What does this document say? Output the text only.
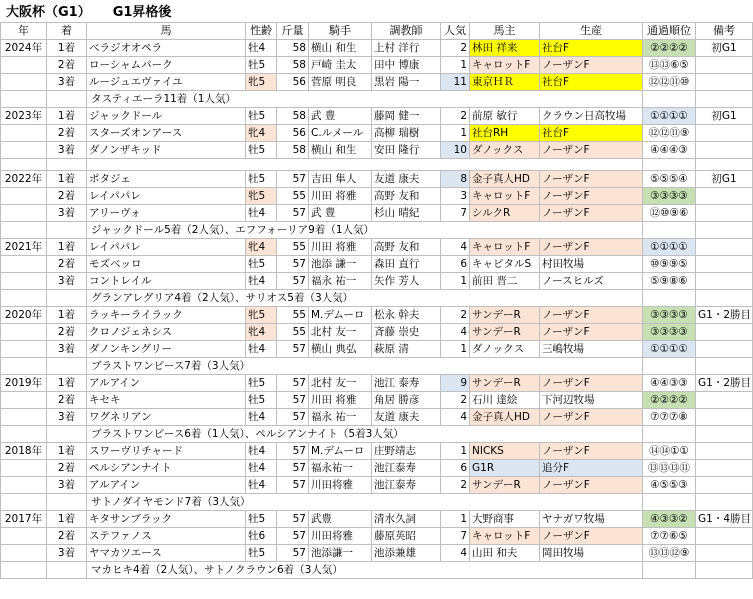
大阪杯（G1） G1昇格後
年	着	馬	性齢	斤量	騎手	調教師	人気	馬主	生産	通過順位	備考
2024年	1着	ベラジオオペラ	牡4	58	横山 和生	上村 洋行	2	林田 祥来	社台F	②②②②	初G1
	2着	ローシャムパーク	牡5	58	戸崎 圭太	田中 博康	1	キャロットF	ノーザンF	⑬⑬⑥⑤	
	3着	ルージュエヴァイユ	牝5	56	菅原 明良	黒岩 陽一	11	東京ＨＲ	社台F	⑫⑫⑪⑩	
		タスティエーラ11着（1人気）									
2023年	1着	ジャックドール	牡5	58	武 豊	藤岡 健一	2	前原 敏行	クラウン日高牧場	①①①①	初G1
	2着	スターズオンアース	牝4	56	C.ルメール	高柳 瑞樹	1	社台RH	社台F	⑫⑫⑪⑨	
	3着	ダノンザキッド	牡5	58	横山 和生	安田 隆行	10	ダノックス	ノーザンF	④④④③	

2022年	1着	ポタジェ	牡5	57	吉田 隼人	友道 康夫	8	金子真人HD	ノーザンF	⑤⑤⑤④	初G1
	2着	レイパパレ	牝5	55	川田 将雅	高野 友和	3	キャロットF	ノーザンF	③③③③	
	3着	アリーヴォ	牡4	57	武 豊	杉山 晴紀	7	シルクR	ノーザンF	⑫⑩⑨⑥	
		ジャックドール5着（2人気）、エフフォーリア9着（1人気）									
2021年	1着	レイパパレ	牝4	55	川田 将雅	高野 友和	4	キャロットF	ノーザンF	①①①①	
	2着	モズベッロ	牡5	57	池添 謙一	森田 直行	6	キャピタルS	村田牧場	⑩⑨⑨⑤	
	3着	コントレイル	牡4	57	福永 祐一	矢作 芳人	1	前田 晋二	ノースヒルズ	⑤⑨⑧⑥	
		グランアレグリア4着（2人気）、サリオス5着（3人気）									
2020年	1着	ラッキーライラック	牝5	55	M.デムーロ	松永 幹夫	2	サンデーR	ノーザンF	③③③③	G1・2勝目
	2着	クロノジェネシス	牝4	55	北村 友一	斉藤 崇史	4	サンデーR	ノーザンF	③③③③	
	3着	ダノンキングリー	牡4	57	横山 典弘	萩原 清	1	ダノックス	三嶋牧場	①①①①	
		ブラストワンピース7着（3人気）									
2019年	1着	アルアイン	牡5	57	北村 友一	池江 泰寿	9	サンデーR	ノーザンF	④④③③	G1・2勝目
	2着	キセキ	牡5	57	川田 将雅	角居 勝彦	2	石川 達絵	下河辺牧場	②②②②	
	3着	ワグネリアン	牡4	57	福永 祐一	友道 康夫	4	金子真人HD	ノーザンF	⑦⑦⑦⑧	
		ブラストワンピース6着（1人気）、ペルシアンナイト（5着3人気）									
2018年	1着	スワーヴリチャード	牡4	57	M.デムーロ	庄野靖志	1	NICKS	ノーザンF	⑭⑭①①	
	2着	ペルシアンナイト	牡4	57	福永祐一	池江泰寿	6	G1R	追分F	⑬⑬⑬⑪	
	3着	アルアイン	牡4	57	川田将雅	池江泰寿	2	サンデーR	ノーザンF	④⑤⑤③	
		サトノダイヤモンド7着（3人気）									
2017年	1着	キタサンブラック	牡5	57	武豊	清水久詞	1	大野商事	ヤナガワ牧場	④③③②	G1・4勝目
	2着	ステファノス	牡6	57	川田将雅	藤原英昭	7	キャロットF	ノーザンF	⑦⑦⑥⑤	
	3着	ヤマカツエース	牡5	57	池添謙一	池添兼雄	4	山田 和夫	岡田牧場	⑬⑬⑫⑨	
		マカヒキ4着（2人気）、サトノクラウン6着（3人気）									
